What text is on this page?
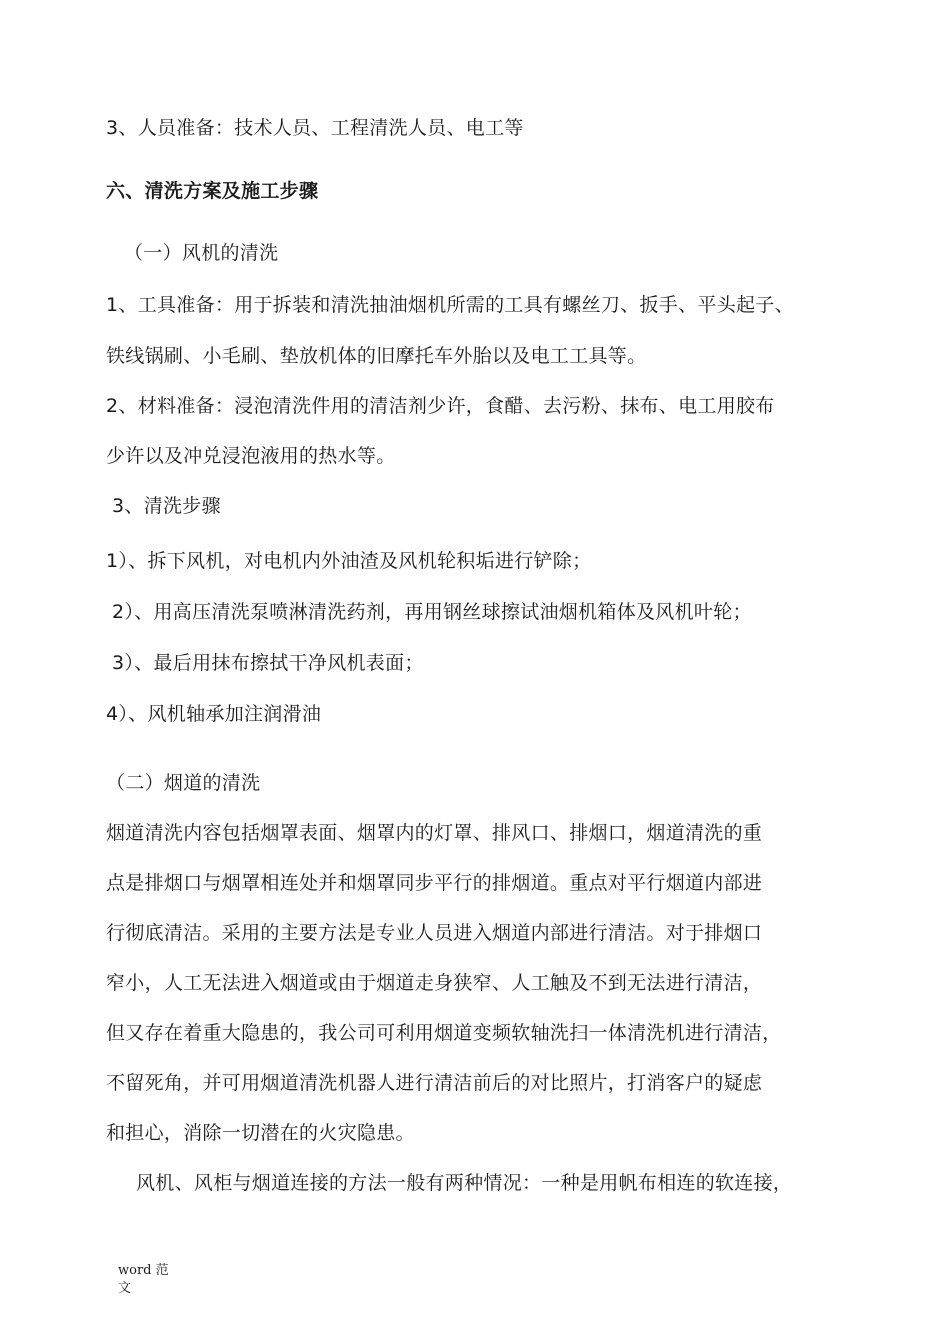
3、人员准备：技术人员、工程清洗人员、电工等
六、清洗方案及施工步骤
（一）风机的清洗
1、工具准备：用于拆装和清洗抽油烟机所需的工具有螺丝刀、扳手、平头起子、
铁线锅刷、小毛刷、垫放机体的旧摩托车外胎以及电工工具等。
2、材料准备：浸泡清洗件用的清洁剂少许，食醋、去污粉、抹布、电工用胶布
少许以及冲兑浸泡液用的热水等。
3、清洗步骤
1）、拆下风机，对电机内外油渣及风机轮积垢进行铲除；
2）、用高压清洗泵喷淋清洗药剂，再用钢丝球擦试油烟机箱体及风机叶轮；
3）、最后用抹布擦拭干净风机表面；
4）、风机轴承加注润滑油
（二）烟道的清洗
烟道清洗内容包括烟罩表面、烟罩内的灯罩、排风口、排烟口，烟道清洗的重
点是排烟口与烟罩相连处并和烟罩同步平行的排烟道。重点对平行烟道内部进
行彻底清洁。采用的主要方法是专业人员进入烟道内部进行清洁。对于排烟口
窄小，人工无法进入烟道或由于烟道走身狭窄、人工触及不到无法进行清洁，
但又存在着重大隐患的，我公司可利用烟道变频软轴洗扫一体清洗机进行清洁，
不留死角，并可用烟道清洗机器人进行清洁前后的对比照片，打消客户的疑虑
和担心，消除一切潜在的火灾隐患。
风机、风柜与烟道连接的方法一般有两种情况：一种是用帆布相连的软连接，
word 范文
